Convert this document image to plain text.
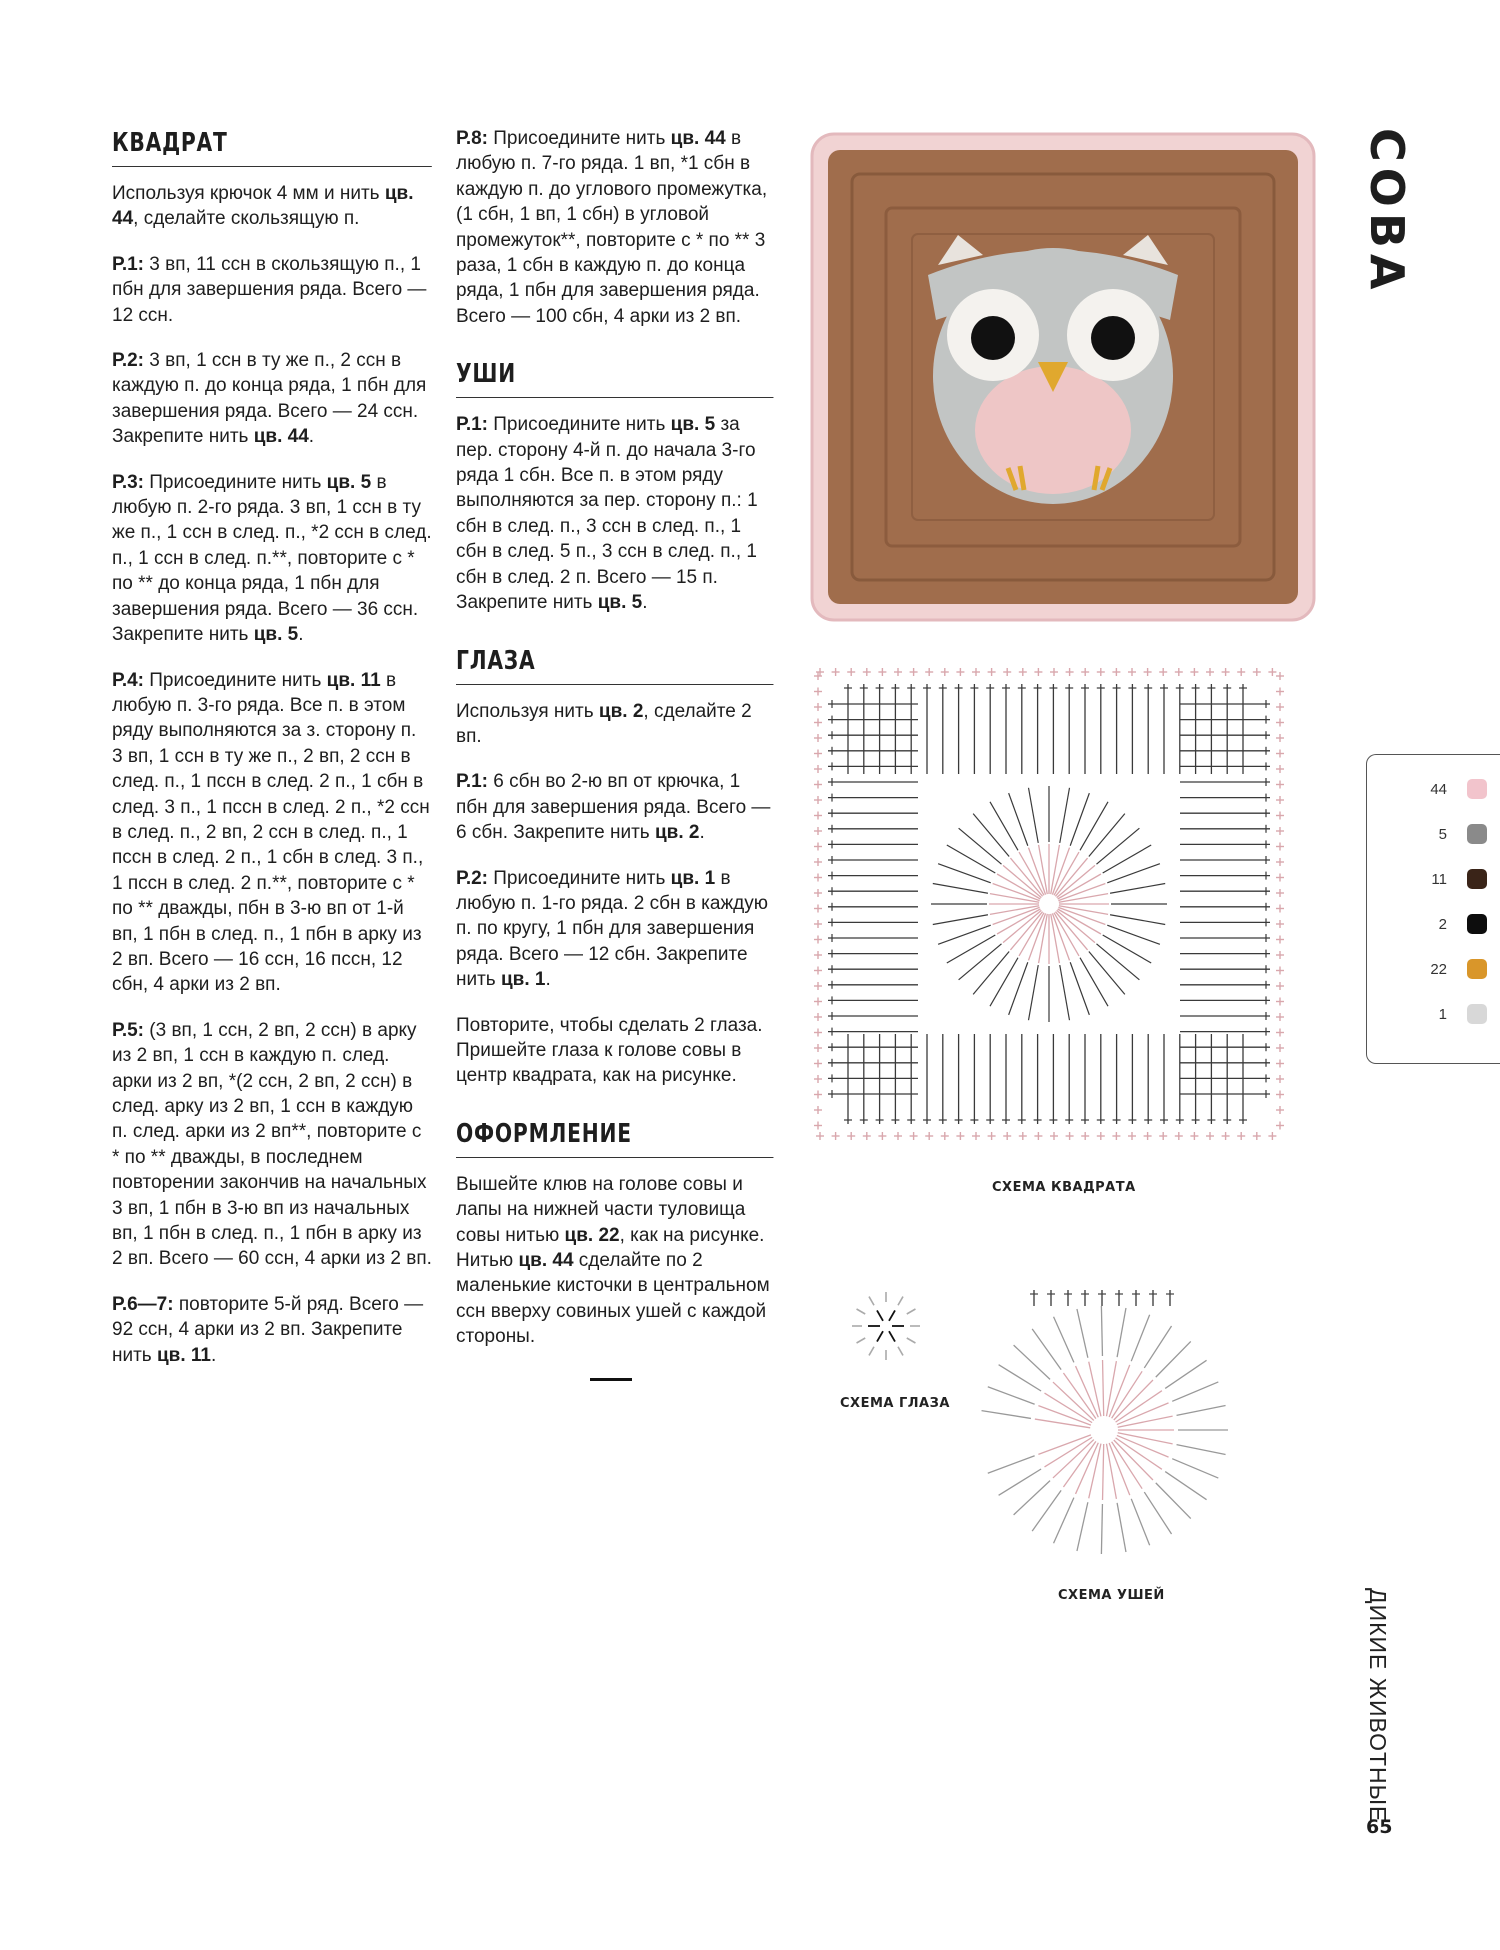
КВАДРАТ

Используя крючок 4 мм и нить цв. 44, сделайте скользящую п.

Р.1: 3 вп, 11 ссн в скользящую п., 1 пбн для завершения ряда. Всего — 12 ссн.

Р.2: 3 вп, 1 ссн в ту же п., 2 ссн в каждую п. до конца ряда, 1 пбн для завершения ряда. Всего — 24 ссн. Закрепите нить цв. 44.

Р.3: Присоедините нить цв. 5 в любую п. 2-го ряда. 3 вп, 1 ссн в ту же п., 1 ссн в след. п., *2 ссн в след. п., 1 ссн в след. п.**, повторите с * по ** до конца ряда, 1 пбн для завершения ряда. Всего — 36 ссн. Закрепите нить цв. 5.

Р.4: Присоедините нить цв. 11 в любую п. 3-го ряда. Все п. в этом ряду выполняются за з. сторону п. 3 вп, 1 ссн в ту же п., 2 вп, 2 ссн в след. п., 1 пссн в след. 2 п., 1 сбн в след. 3 п., 1 пссн в след. 2 п., *2 ссн в след. п., 2 вп, 2 ссн в след. п., 1 пссн в след. 2 п., 1 сбн в след. 3 п., 1 пссн в след. 2 п.**, повторите с * по ** дважды, пбн в 3-ю вп от 1-й вп, 1 пбн в след. п., 1 пбн в арку из 2 вп. Всего — 16 ссн, 16 пссн, 12 сбн, 4 арки из 2 вп.

Р.5: (3 вп, 1 ссн, 2 вп, 2 ссн) в арку из 2 вп, 1 ссн в каждую п. след. арки из 2 вп, *(2 ссн, 2 вп, 2 ссн) в след. арку из 2 вп, 1 ссн в каждую п. след. арки из 2 вп**, повторите с * по ** дважды, в последнем повторении закончив на начальных 3 вп, 1 пбн в 3-ю вп из начальных вп, 1 пбн в след. п., 1 пбн в арку из 2 вп. Всего — 60 ссн, 4 арки из 2 вп.

Р.6—7: повторите 5-й ряд. Всего — 92 ссн, 4 арки из 2 вп. Закрепите нить цв. 11.

Р.8: Присоедините нить цв. 44 в любую п. 7-го ряда. 1 вп, *1 сбн в каждую п. до углового промежутка, (1 сбн, 1 вп, 1 сбн) в угловой промежуток**, повторите с * по ** 3 раза, 1 сбн в каждую п. до конца ряда, 1 пбн для завершения ряда. Всего — 100 сбн, 4 арки из 2 вп.

УШИ

Р.1: Присоедините нить цв. 5 за пер. сторону 4-й п. до начала 3-го ряда 1 сбн. Все п. в этом ряду выполняются за пер. сторону п.: 1 сбн в след. п., 3 ссн в след. п., 1 сбн в след. 5 п., 3 ссн в след. п., 1 сбн в след. 2 п. Всего — 15 п. Закрепите нить цв. 5.

ГЛАЗА

Используя нить цв. 2, сделайте 2 вп.

Р.1: 6 сбн во 2-ю вп от крючка, 1 пбн для завершения ряда. Всего — 6 сбн. Закрепите нить цв. 2.

Р.2: Присоедините нить цв. 1 в любую п. 1-го ряда. 2 сбн в каждую п. по кругу, 1 пбн для завершения ряда. Всего — 12 сбн. Закрепите нить цв. 1.

Повторите, чтобы сделать 2 глаза. Пришейте глаза к голове совы в центр квадрата, как на рисунке.

ОФОРМЛЕНИЕ

Вышейте клюв на голове совы и лапы на нижней части туловища совы нитью цв. 22, как на рисунке. Нитью цв. 44 сделайте по 2 маленькие кисточки в центральном ссн вверху совиных ушей с каждой стороны.

СХЕМА КВАДРАТА
СХЕМА ГЛАЗА
СХЕМА УШЕЙ
СОВА
44
5
11
2
22
1
ДИКИЕ ЖИВОТНЫЕ
65
